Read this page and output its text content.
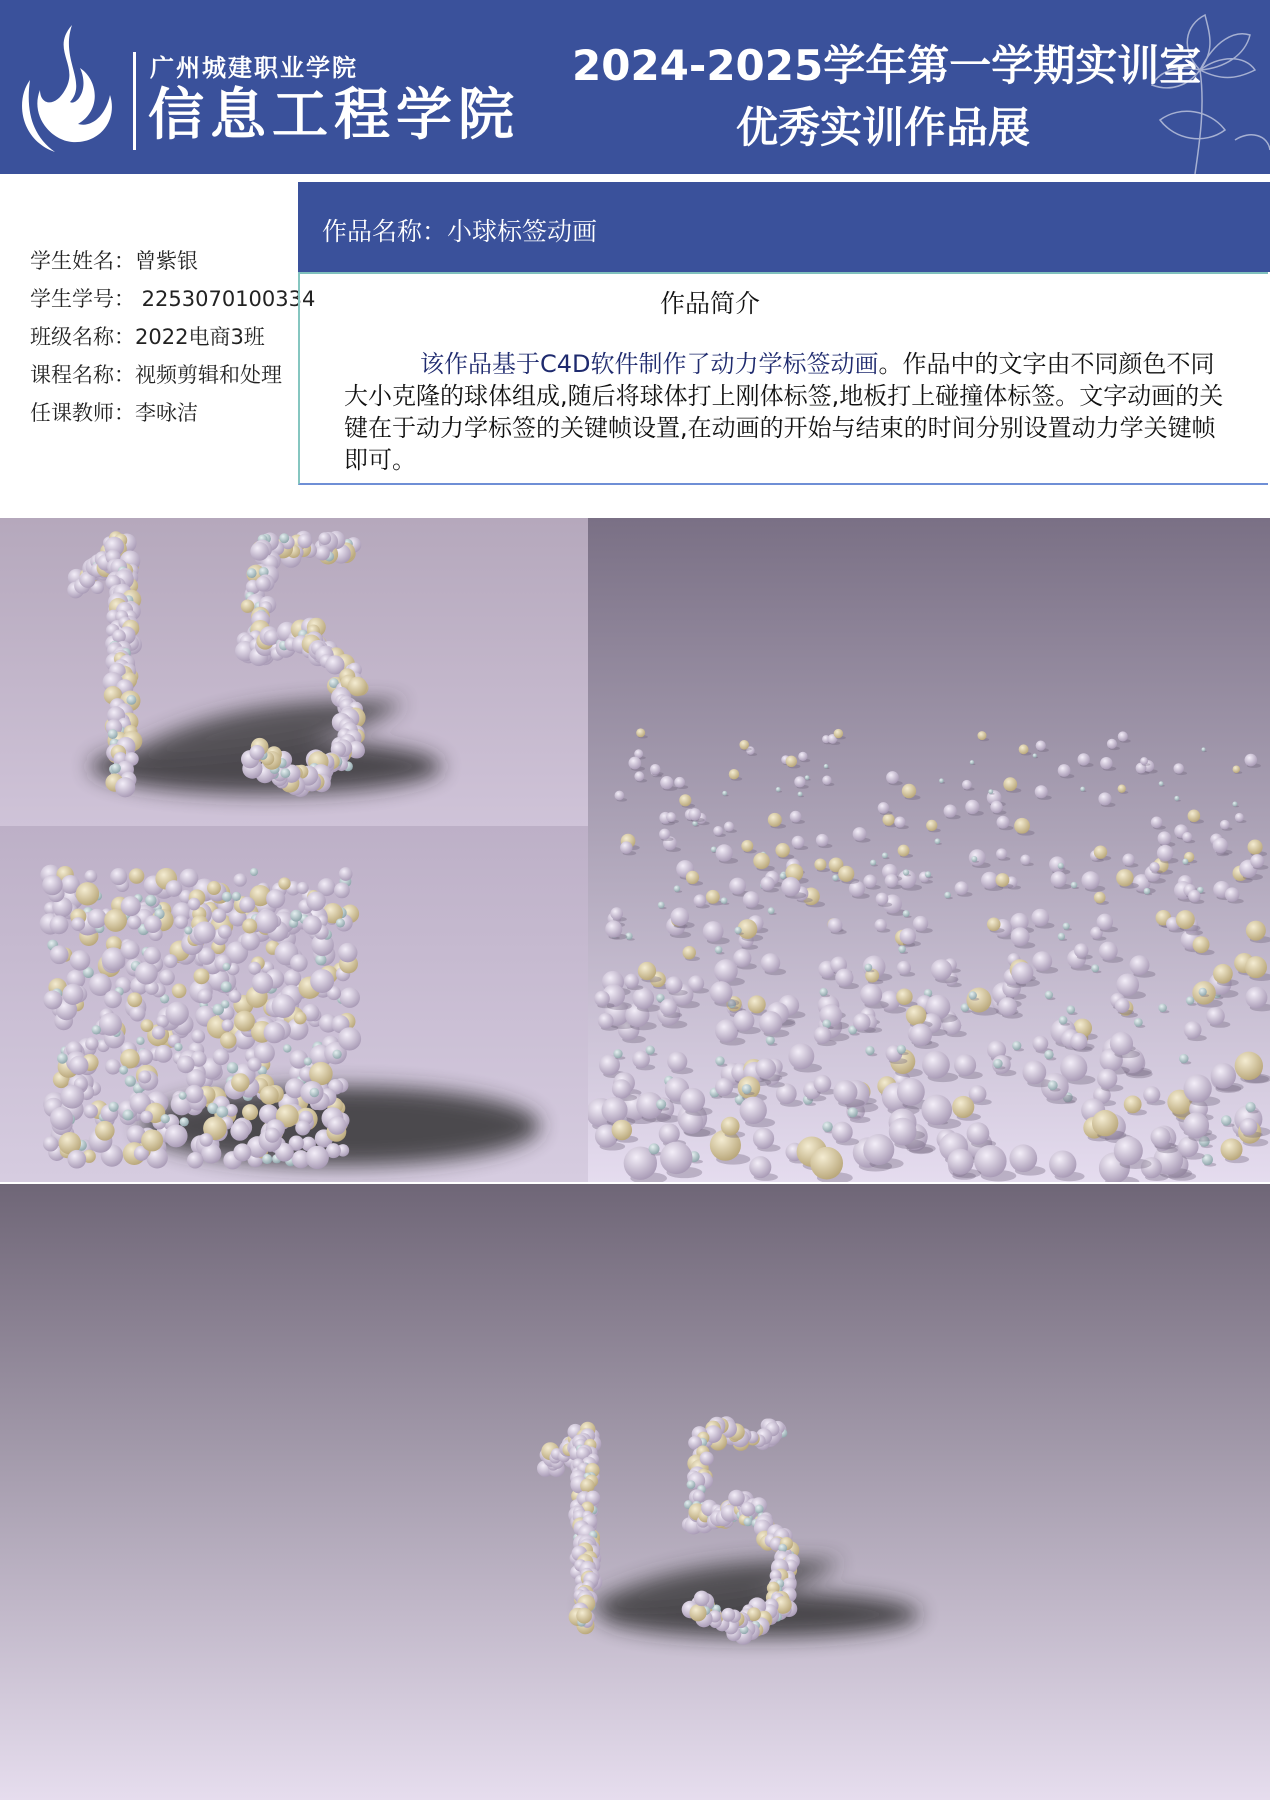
广州城建职业学院
信息工程学院
2024-2025学年第一学期实训室
优秀实训作品展
学生姓名：曾紫银
学生学号： 2253070100334
班级名称：2022电商3班
课程名称：视频剪辑和处理
任课教师：李咏洁
作品名称：小球标签动画
作品简介
该作品基于C4D软件制作了动力学标签动画。作品中的文字由不同颜色不同大小克隆的球体组成,随后将球体打上刚体标签,地板打上碰撞体标签。文字动画的关键在于动力学标签的关键帧设置,在动画的开始与结束的时间分别设置动力学关键帧即可。
